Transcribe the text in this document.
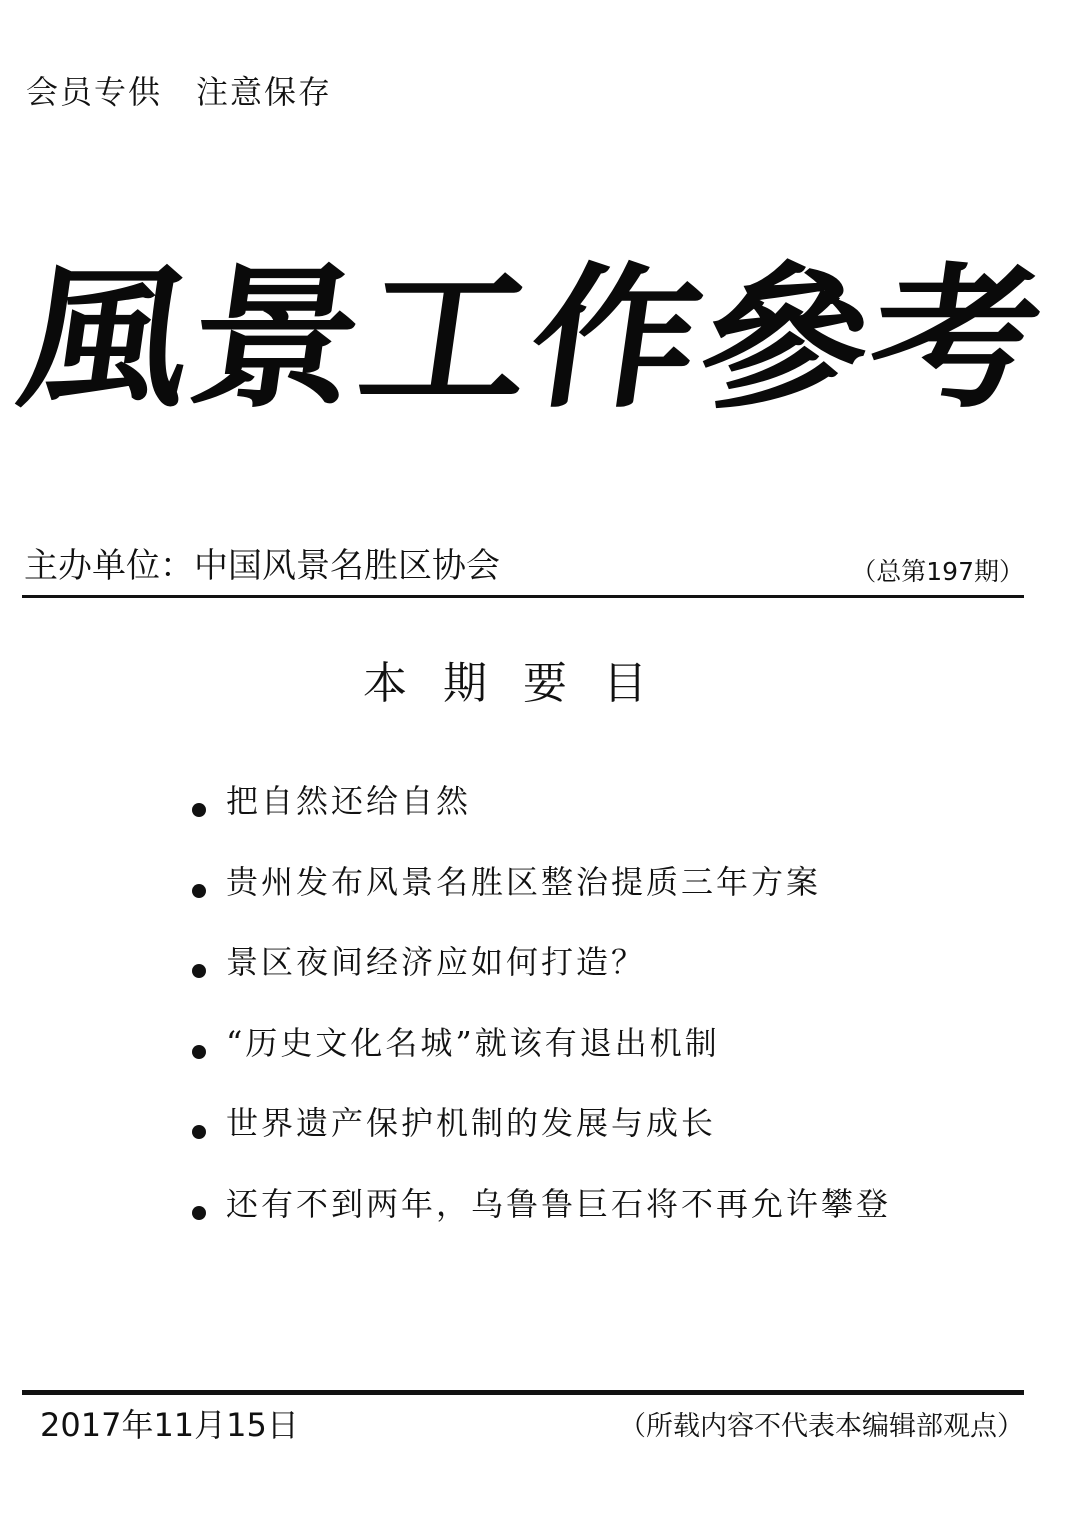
会员专供　注意保存
風
景
工
作
參
考
主办单位：中国风景名胜区协会	（总第197期）
本期要目
把自然还给自然
贵州发布风景名胜区整治提质三年方案
景区夜间经济应如何打造？
“历史文化名城”就该有退出机制
世界遗产保护机制的发展与成长
还有不到两年，乌鲁鲁巨石将不再允许攀登
2017年11月15日	（所载内容不代表本编辑部观点）
